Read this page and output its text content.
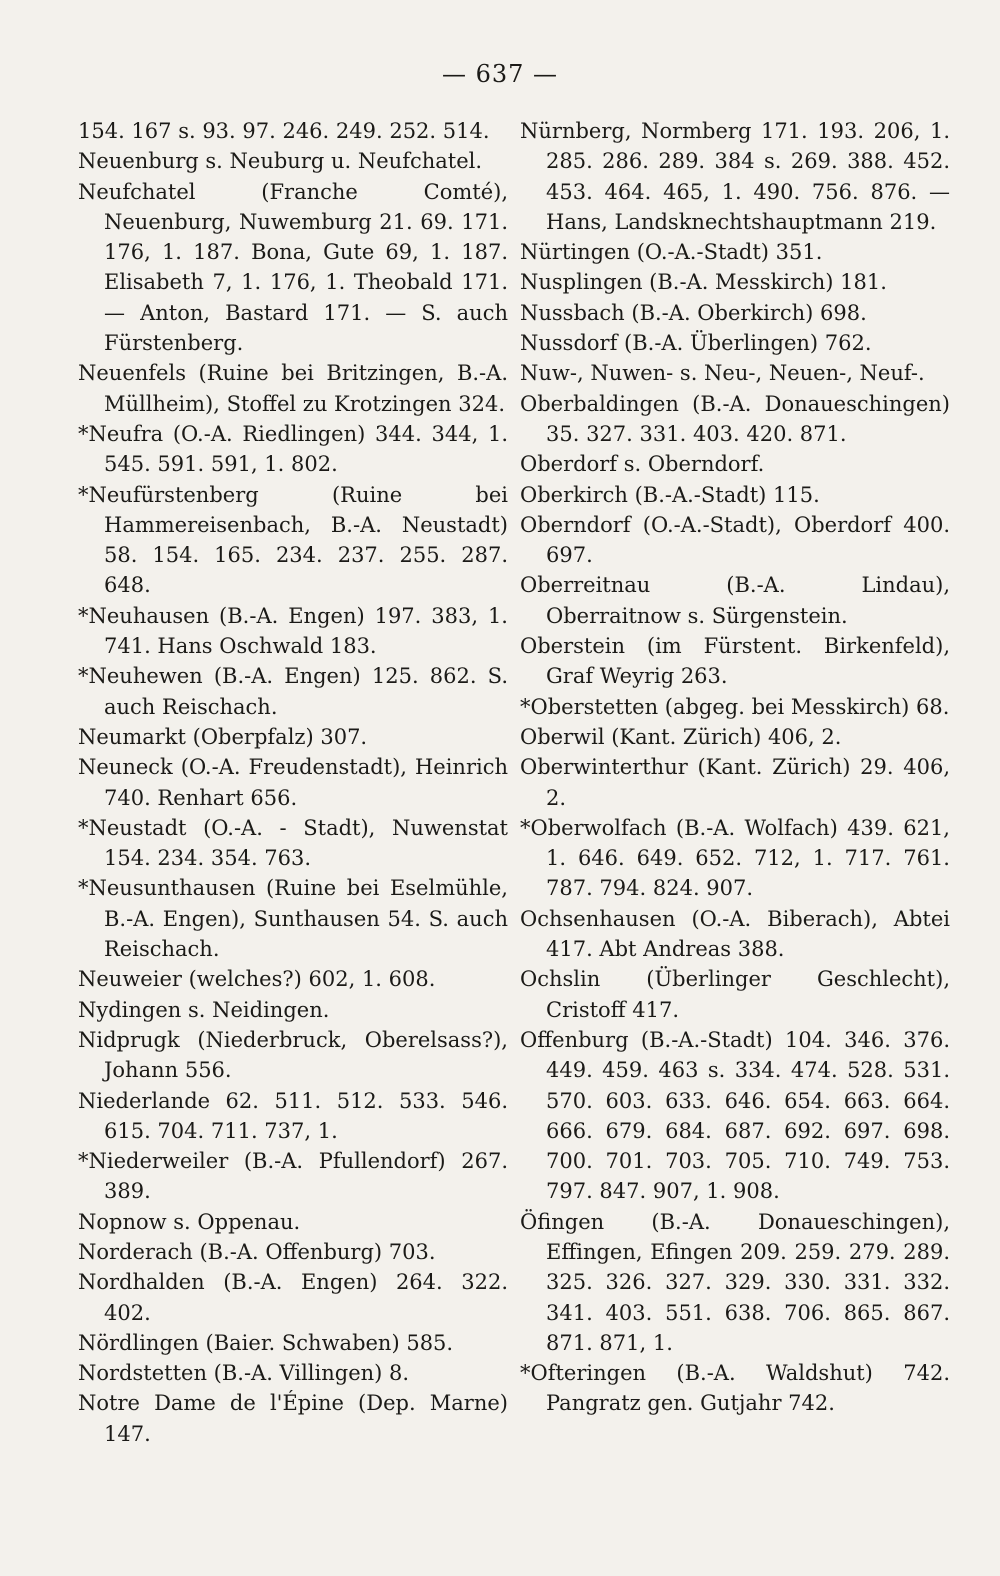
— 637 —

154. 167 s. 93. 97. 246. 249. 252. 514.

Neuenburg s. Neuburg u. Neufchatel.

Neufchatel (Franche Comté), Neuenburg, Nuwemburg 21. 69. 171. 176, 1. 187. Bona, Gute 69, 1. 187. Elisabeth 7, 1. 176, 1. Theobald 171. — Anton, Bastard 171. — S. auch Fürstenberg.

Neuenfels (Ruine bei Britzingen, B.-A. Müllheim), Stoffel zu Krotzingen 324.

*Neufra (O.-A. Riedlingen) 344. 344, 1. 545. 591. 591, 1. 802.

*Neufürstenberg (Ruine bei Hammereisenbach, B.-A. Neustadt) 58. 154. 165. 234. 237. 255. 287. 648.

*Neuhausen (B.-A. Engen) 197. 383, 1. 741. Hans Oschwald 183.

*Neuhewen (B.-A. Engen) 125. 862. S. auch Reischach.

Neumarkt (Oberpfalz) 307.

Neuneck (O.-A. Freudenstadt), Heinrich 740. Renhart 656.

*Neustadt (O.-A. - Stadt), Nuwenstat 154. 234. 354. 763.

*Neusunthausen (Ruine bei Eselmühle, B.-A. Engen), Sunthausen 54. S. auch Reischach.

Neuweier (welches?) 602, 1. 608.

Nydingen s. Neidingen.

Nidprugk (Niederbruck, Oberelsass?), Johann 556.

Niederlande 62. 511. 512. 533. 546. 615. 704. 711. 737, 1.

*Niederweiler (B.-A. Pfullendorf) 267. 389.

Nopnow s. Oppenau.

Norderach (B.-A. Offenburg) 703.

Nordhalden (B.-A. Engen) 264. 322. 402.

Nördlingen (Baier. Schwaben) 585.

Nordstetten (B.-A. Villingen) 8.

Notre Dame de l'Épine (Dep. Marne) 147.

Nürnberg, Normberg 171. 193. 206, 1. 285. 286. 289. 384 s. 269. 388. 452. 453. 464. 465, 1. 490. 756. 876. — Hans, Landsknechtshauptmann 219.

Nürtingen (O.-A.-Stadt) 351.

Nusplingen (B.-A. Messkirch) 181.

Nussbach (B.-A. Oberkirch) 698.

Nussdorf (B.-A. Überlingen) 762.

Nuw-, Nuwen- s. Neu-, Neuen-, Neuf-.

Oberbaldingen (B.-A. Donaueschingen) 35. 327. 331. 403. 420. 871.

Oberdorf s. Oberndorf.

Oberkirch (B.-A.-Stadt) 115.

Oberndorf (O.-A.-Stadt), Oberdorf 400. 697.

Oberreitnau (B.-A. Lindau), Oberraitnow s. Sürgenstein.

Oberstein (im Fürstent. Birkenfeld), Graf Weyrig 263.

*Oberstetten (abgeg. bei Messkirch) 68.

Oberwil (Kant. Zürich) 406, 2.

Oberwinterthur (Kant. Zürich) 29. 406, 2.

*Oberwolfach (B.-A. Wolfach) 439. 621, 1. 646. 649. 652. 712, 1. 717. 761. 787. 794. 824. 907.

Ochsenhausen (O.-A. Biberach), Abtei 417. Abt Andreas 388.

Ochslin (Überlinger Geschlecht), Cristoff 417.

Offenburg (B.-A.-Stadt) 104. 346. 376. 449. 459. 463 s. 334. 474. 528. 531. 570. 603. 633. 646. 654. 663. 664. 666. 679. 684. 687. 692. 697. 698. 700. 701. 703. 705. 710. 749. 753. 797. 847. 907, 1. 908.

Öfingen (B.-A. Donaueschingen), Effingen, Efingen 209. 259. 279. 289. 325. 326. 327. 329. 330. 331. 332. 341. 403. 551. 638. 706. 865. 867. 871. 871, 1.

*Ofteringen (B.-A. Waldshut) 742. Pangratz gen. Gutjahr 742.
